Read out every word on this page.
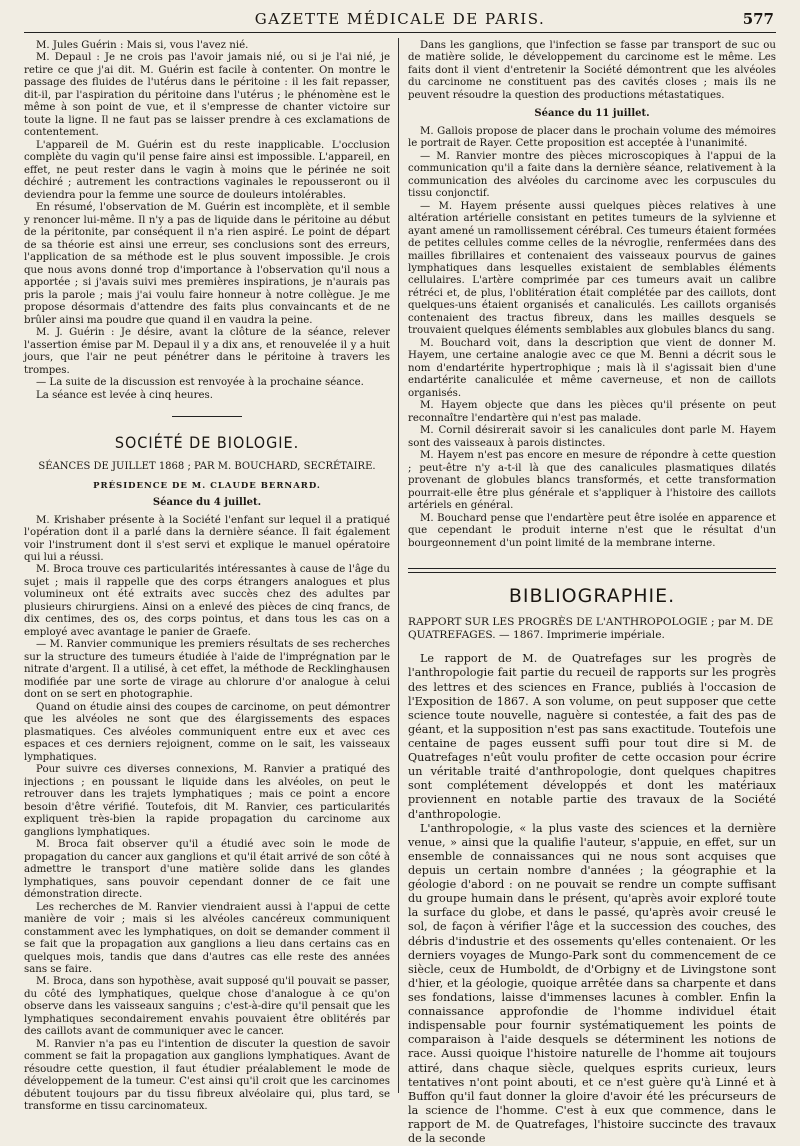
GAZETTE MÉDICALE DE PARIS.	577

M. Jules Guérin : Mais si, vous l'avez nié.

M. Depaul : Je ne crois pas l'avoir jamais nié, ou si je l'ai nié, je retire ce que j'ai dit. M. Guérin est facile à contenter. On montre le passage des fluides de l'utérus dans le péritoine : il les fait repasser, dit-il, par l'aspiration du péritoine dans l'utérus ; le phénomène est le même à son point de vue, et il s'empresse de chanter victoire sur toute la ligne. Il ne faut pas se laisser prendre à ces exclamations de contentement.

L'appareil de M. Guérin est du reste inapplicable. L'occlusion complète du vagin qu'il pense faire ainsi est impossible. L'appareil, en effet, ne peut rester dans le vagin à moins que le périnée ne soit déchiré ; autrement les contractions vaginales le repousseront ou il deviendra pour la femme une source de douleurs intolérables.

En résumé, l'observation de M. Guérin est incomplète, et il semble y renoncer lui-même. Il n'y a pas de liquide dans le péritoine au début de la péritonite, par conséquent il n'a rien aspiré. Le point de départ de sa théorie est ainsi une erreur, ses conclusions sont des erreurs, l'application de sa méthode est le plus souvent impossible. Je crois que nous avons donné trop d'importance à l'observation qu'il nous a apportée ; si j'avais suivi mes premières inspirations, je n'aurais pas pris la parole ; mais j'ai voulu faire honneur à notre collègue. Je me propose désormais d'attendre des faits plus convaincants et de ne brûler ainsi ma poudre que quand il en vaudra la peine.

M. J. Guérin : Je désire, avant la clôture de la séance, relever l'assertion émise par M. Depaul il y a dix ans, et renouvelée il y a huit jours, que l'air ne peut pénétrer dans le péritoine à travers les trompes.

— La suite de la discussion est renvoyée à la prochaine séance.

La séance est levée à cinq heures.

SOCIÉTÉ DE BIOLOGIE.
SÉANCES DE JUILLET 1868 ; PAR M. BOUCHARD, SECRÉTAIRE.
PRÉSIDENCE DE M. CLAUDE BERNARD.
Séance du 4 juillet.

M. Krishaber présente à la Société l'enfant sur lequel il a pratiqué l'opération dont il a parlé dans la dernière séance. Il fait également voir l'instrument dont il s'est servi et explique le manuel opératoire qui lui a réussi.

M. Broca trouve ces particularités intéressantes à cause de l'âge du sujet ; mais il rappelle que des corps étrangers analogues et plus volumineux ont été extraits avec succès chez des adultes par plusieurs chirurgiens. Ainsi on a enlevé des pièces de cinq francs, de dix centimes, des os, des corps pointus, et dans tous les cas on a employé avec avantage le panier de Graefe.

— M. Ranvier communique les premiers résultats de ses recherches sur la structure des tumeurs étudiée à l'aide de l'imprégnation par le nitrate d'argent. Il a utilisé, à cet effet, la méthode de Recklinghausen modifiée par une sorte de virage au chlorure d'or analogue à celui dont on se sert en photographie.

Quand on étudie ainsi des coupes de carcinome, on peut démontrer que les alvéoles ne sont que des élargissements des espaces plasmatiques. Ces alvéoles communiquent entre eux et avec ces espaces et ces derniers rejoignent, comme on le sait, les vaisseaux lymphatiques.

Pour suivre ces diverses connexions, M. Ranvier a pratiqué des injections ; en poussant le liquide dans les alvéoles, on peut le retrouver dans les trajets lymphatiques ; mais ce point a encore besoin d'être vérifié. Toutefois, dit M. Ranvier, ces particularités expliquent très-bien la rapide propagation du carcinome aux ganglions lymphatiques.

M. Broca fait observer qu'il a étudié avec soin le mode de propagation du cancer aux ganglions et qu'il était arrivé de son côté à admettre le transport d'une matière solide dans les glandes lymphatiques, sans pouvoir cependant donner de ce fait une démonstration directe.

Les recherches de M. Ranvier viendraient aussi à l'appui de cette manière de voir ; mais si les alvéoles cancéreux communiquent constamment avec les lymphatiques, on doit se demander comment il se fait que la propagation aux ganglions a lieu dans certains cas en quelques mois, tandis que dans d'autres cas elle reste des années sans se faire.

M. Broca, dans son hypothèse, avait supposé qu'il pouvait se passer, du côté des lymphatiques, quelque chose d'analogue à ce qu'on observe dans les vaisseaux sanguins ; c'est-à-dire qu'il pensait que les lymphatiques secondairement envahis pouvaient être oblitérés par des caillots avant de communiquer avec le cancer.

M. Ranvier n'a pas eu l'intention de discuter la question de savoir comment se fait la propagation aux ganglions lymphatiques. Avant de résoudre cette question, il faut étudier préalablement le mode de développement de la tumeur. C'est ainsi qu'il croit que les carcinomes débutent toujours par du tissu fibreux alvéolaire qui, plus tard, se transforme en tissu carcinomateux.

Dans les ganglions, que l'infection se fasse par transport de suc ou de matière solide, le développement du carcinome est le même. Les faits dont il vient d'entretenir la Société démontrent que les alvéoles du carcinome ne constituent pas des cavités closes ; mais ils ne peuvent résoudre la question des productions métastatiques.

Séance du 11 juillet.

M. Gallois propose de placer dans le prochain volume des mémoires le portrait de Rayer. Cette proposition est acceptée à l'unanimité.

— M. Ranvier montre des pièces microscopiques à l'appui de la communication qu'il a faite dans la dernière séance, relativement à la communication des alvéoles du carcinome avec les corpuscules du tissu conjonctif.

— M. Hayem présente aussi quelques pièces relatives à une altération artérielle consistant en petites tumeurs de la sylvienne et ayant amené un ramollissement cérébral. Ces tumeurs étaient formées de petites cellules comme celles de la névroglie, renfermées dans des mailles fibrillaires et contenaient des vaisseaux pourvus de gaines lymphatiques dans lesquelles existaient de semblables éléments cellulaires. L'artère comprimée par ces tumeurs avait un calibre rétréci et, de plus, l'oblitération était complétée par des caillots, dont quelques-uns étaient organisés et canaliculés. Les caillots organisés contenaient des tractus fibreux, dans les mailles desquels se trouvaient quelques éléments semblables aux globules blancs du sang.

M. Bouchard voit, dans la description que vient de donner M. Hayem, une certaine analogie avec ce que M. Benni a décrit sous le nom d'endartérite hypertrophique ; mais là il s'agissait bien d'une endartérite canaliculée et même caverneuse, et non de caillots organisés.

M. Hayem objecte que dans les pièces qu'il présente on peut reconnaître l'endartère qui n'est pas malade.

M. Cornil désirerait savoir si les canalicules dont parle M. Hayem sont des vaisseaux à parois distinctes.

M. Hayem n'est pas encore en mesure de répondre à cette question ; peut-être n'y a-t-il là que des canalicules plasmatiques dilatés provenant de globules blancs transformés, et cette transformation pourrait-elle être plus générale et s'appliquer à l'histoire des caillots artériels en général.

M. Bouchard pense que l'endartère peut être isolée en apparence et que cependant le produit interne n'est que le résultat d'un bourgeonnement d'un point limité de la membrane interne.

BIBLIOGRAPHIE.

RAPPORT SUR LES PROGRÈS DE L'ANTHROPOLOGIE ; par M. DE QUATREFAGES. — 1867. Imprimerie impériale.

Le rapport de M. de Quatrefages sur les progrès de l'anthropologie fait partie du recueil de rapports sur les progrès des lettres et des sciences en France, publiés à l'occasion de l'Exposition de 1867. A son volume, on peut supposer que cette science toute nouvelle, naguère si contestée, a fait des pas de géant, et la supposition n'est pas sans exactitude. Toutefois une centaine de pages eussent suffi pour tout dire si M. de Quatrefages n'eût voulu profiter de cette occasion pour écrire un véritable traité d'anthropologie, dont quelques chapitres sont complétement développés et dont les matériaux proviennent en notable partie des travaux de la Société d'anthropologie.

L'anthropologie, « la plus vaste des sciences et la dernière venue, » ainsi que la qualifie l'auteur, s'appuie, en effet, sur un ensemble de connaissances qui ne nous sont acquises que depuis un certain nombre d'années ; la géographie et la géologie d'abord : on ne pouvait se rendre un compte suffisant du groupe humain dans le présent, qu'après avoir exploré toute la surface du globe, et dans le passé, qu'après avoir creusé le sol, de façon à vérifier l'âge et la succession des couches, des débris d'industrie et des ossements qu'elles contenaient. Or les derniers voyages de Mungo-Park sont du commencement de ce siècle, ceux de Humboldt, de d'Orbigny et de Livingstone sont d'hier, et la géologie, quoique arrêtée dans sa charpente et dans ses fondations, laisse d'immenses lacunes à combler. Enfin la connaissance approfondie de l'homme individuel était indispensable pour fournir systématiquement les points de comparaison à l'aide desquels se déterminent les notions de race. Aussi quoique l'histoire naturelle de l'homme ait toujours attiré, dans chaque siècle, quelques esprits curieux, leurs tentatives n'ont point abouti, et ce n'est guère qu'à Linné et à Buffon qu'il faut donner la gloire d'avoir été les précurseurs de la science de l'homme. C'est à eux que commence, dans le rapport de M. de Quatrefages, l'histoire succincte des travaux de la seconde
